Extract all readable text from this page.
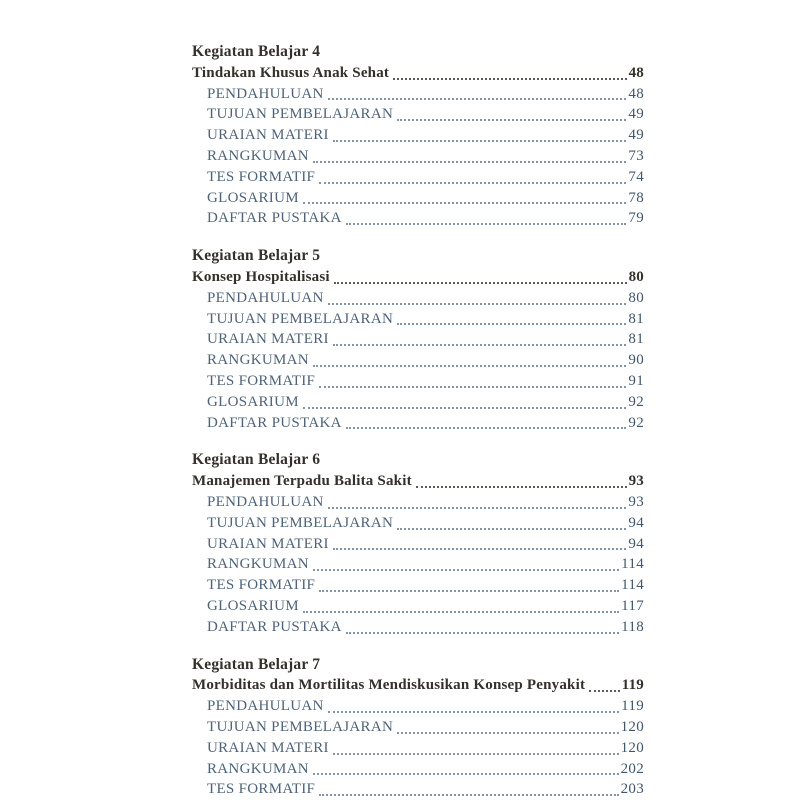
Kegiatan Belajar 4
Tindakan Khusus Anak Sehat	48
PENDAHULUAN	48
TUJUAN PEMBELAJARAN	49
URAIAN MATERI	49
RANGKUMAN	73
TES FORMATIF	74
GLOSARIUM	78
DAFTAR PUSTAKA	79
Kegiatan Belajar 5
Konsep Hospitalisasi	80
PENDAHULUAN	80
TUJUAN PEMBELAJARAN	81
URAIAN MATERI	81
RANGKUMAN	90
TES FORMATIF	91
GLOSARIUM	92
DAFTAR PUSTAKA	92
Kegiatan Belajar 6
Manajemen Terpadu Balita Sakit	93
PENDAHULUAN	93
TUJUAN PEMBELAJARAN	94
URAIAN MATERI	94
RANGKUMAN	114
TES FORMATIF	114
GLOSARIUM	117
DAFTAR PUSTAKA	118
Kegiatan Belajar 7
Morbiditas dan Mortilitas Mendiskusikan Konsep Penyakit 119
PENDAHULUAN	119
TUJUAN PEMBELAJARAN	120
URAIAN MATERI	120
RANGKUMAN	202
TES FORMATIF	203
